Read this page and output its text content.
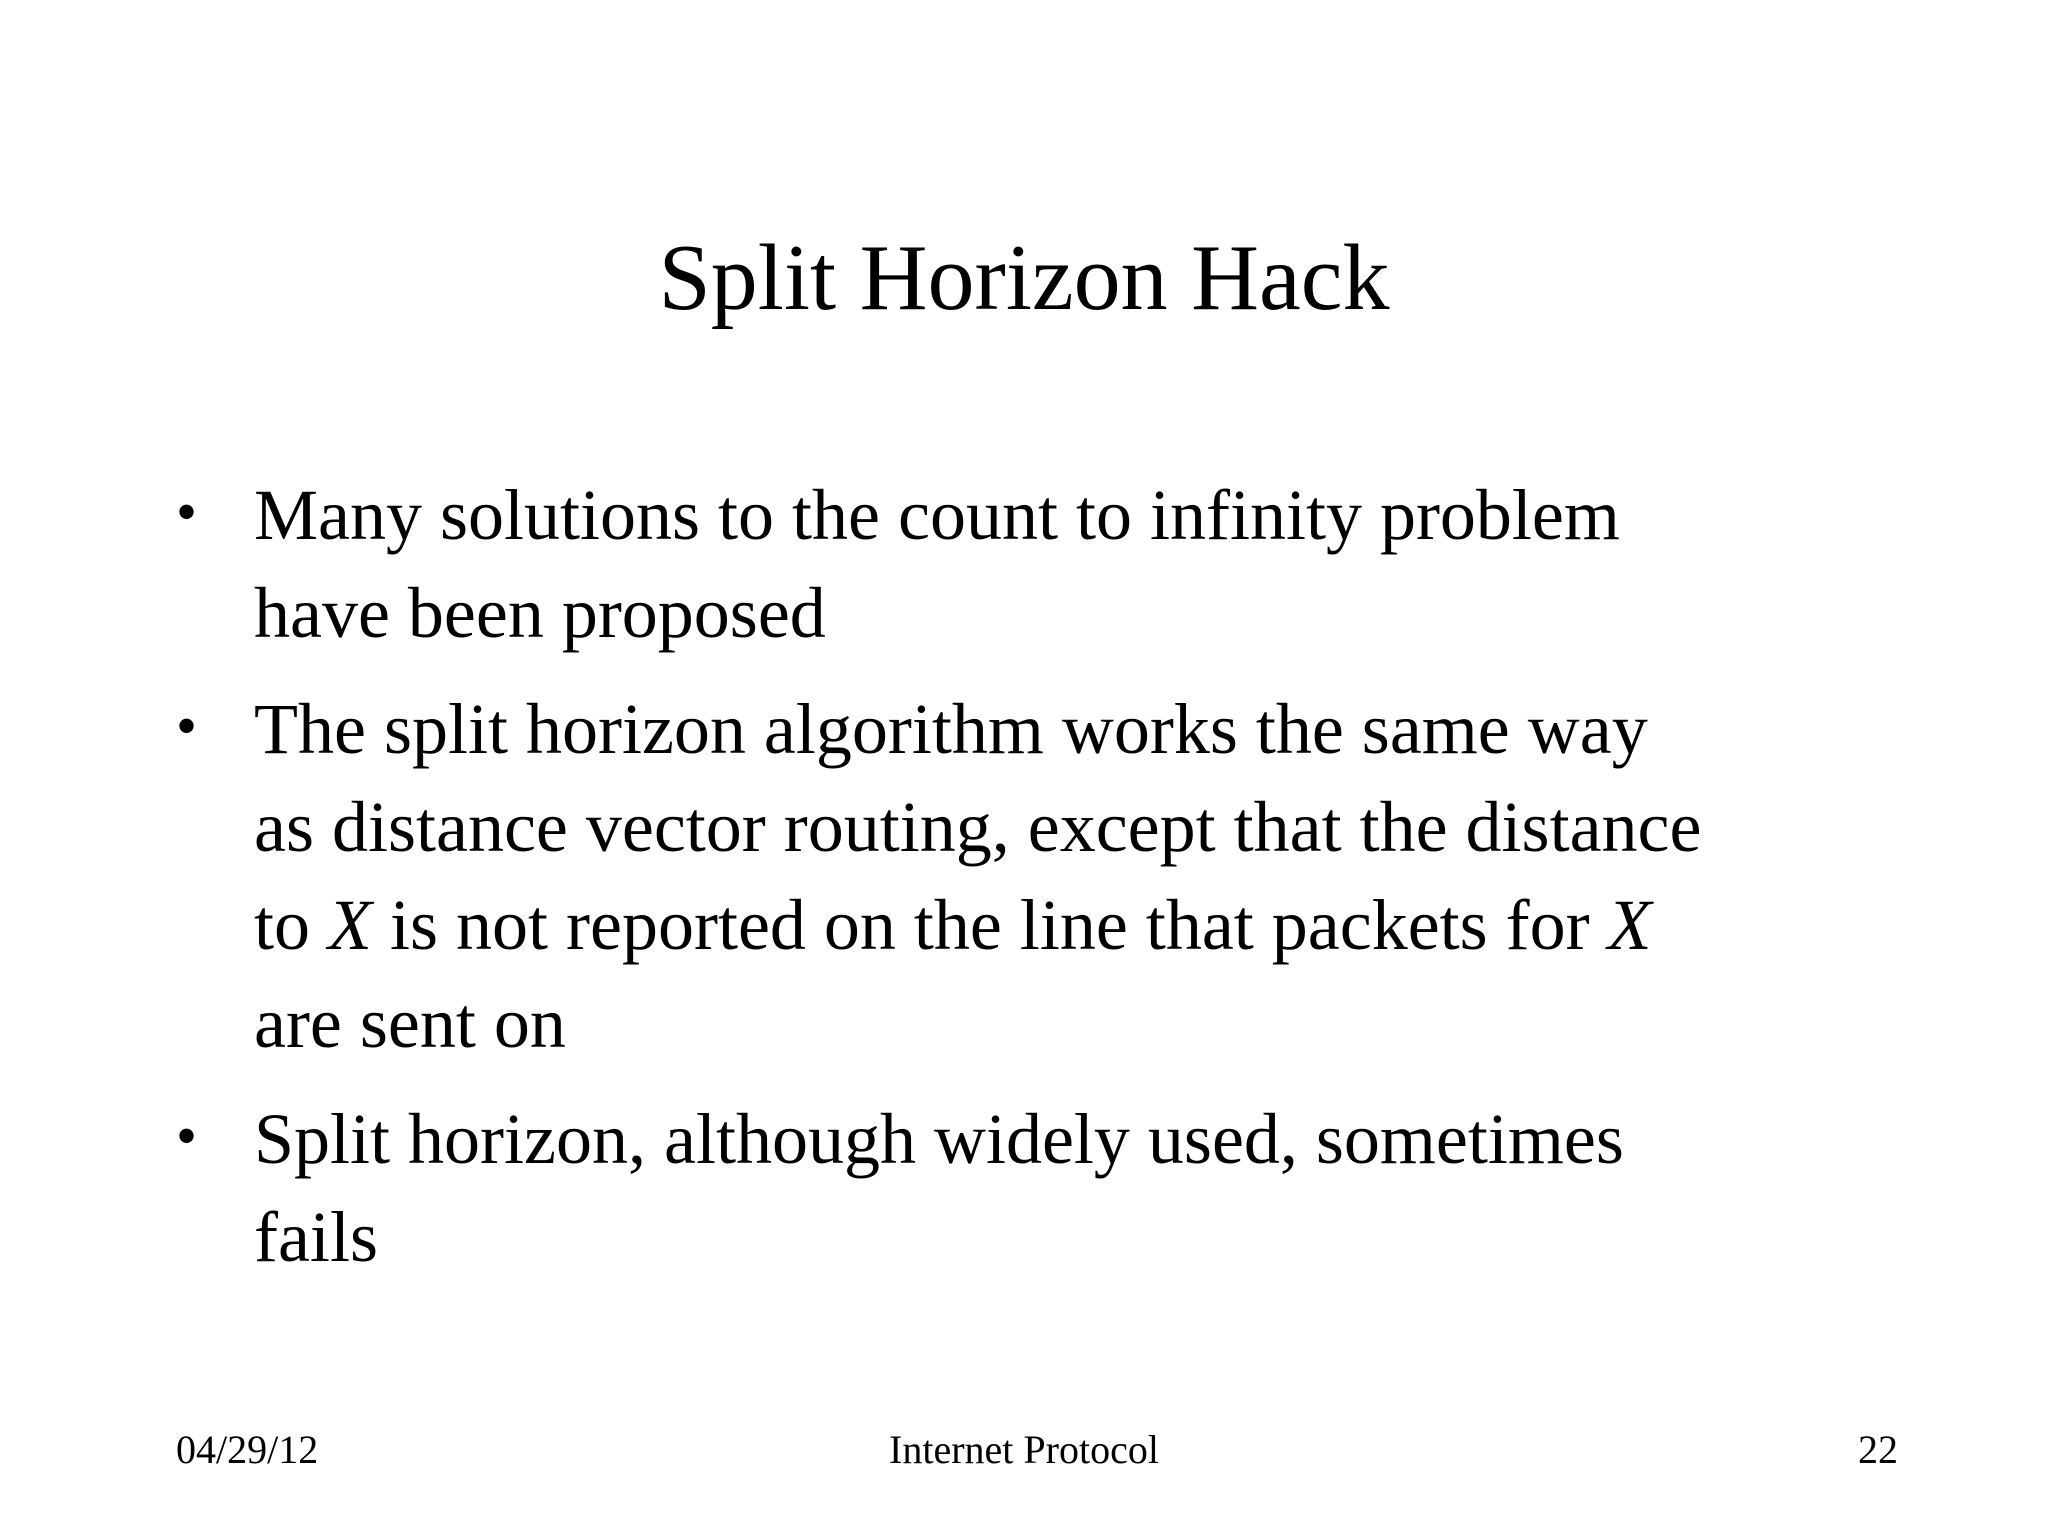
Split Horizon Hack
• Many solutions to the count to infinity problem
have been proposed
• The split horizon algorithm works the same way
as distance vector routing, except that the distance
to X is not reported on the line that packets for X
are sent on
• Split horizon, although widely used, sometimes
fails
04/29/12	Internet Protocol	22
